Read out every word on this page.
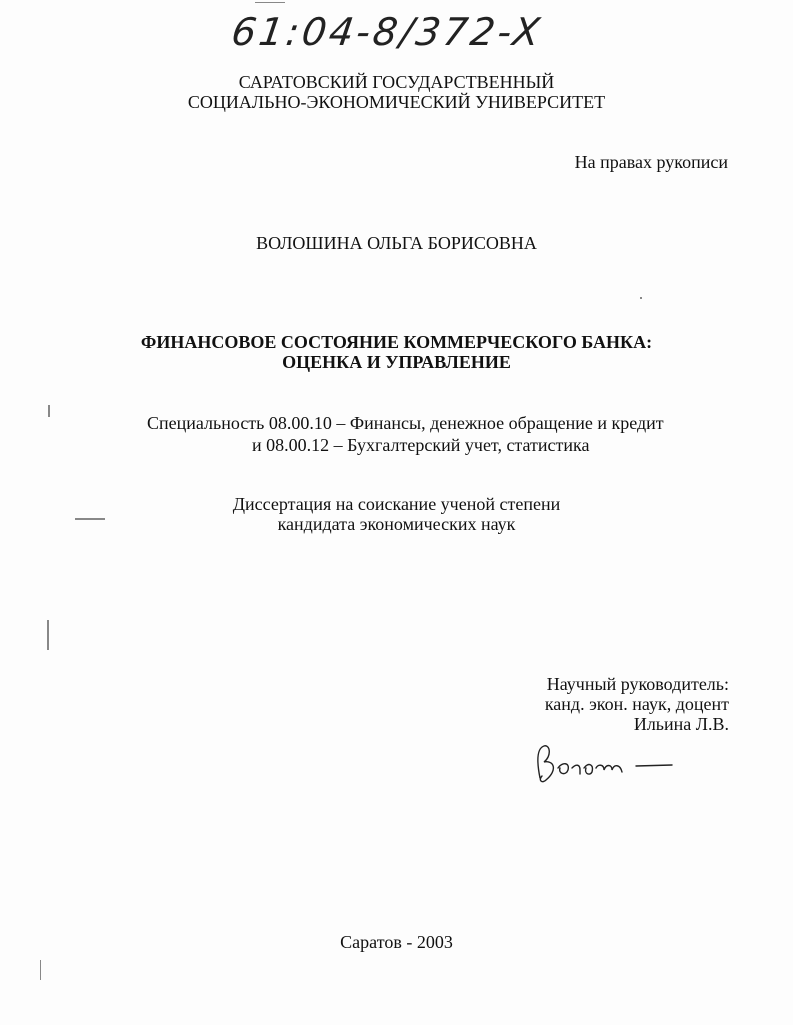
61:04-8/372-X
САРАТОВСКИЙ ГОСУДАРСТВЕННЫЙ
СОЦИАЛЬНО-ЭКОНОМИЧЕСКИЙ УНИВЕРСИТЕТ
На правах рукописи
ВОЛОШИНА ОЛЬГА БОРИСОВНА
ФИНАНСОВОЕ СОСТОЯНИЕ КОММЕРЧЕСКОГО БАНКА:
ОЦЕНКА И УПРАВЛЕНИЕ
Специальность 08.00.10 – Финансы, денежное обращение и кредит
и 08.00.12 – Бухгалтерский учет, статистика
Диссертация на соискание ученой степени
кандидата экономических наук
Научный руководитель:
канд. экон. наук, доцент
Ильина Л.В.
Саратов - 2003
